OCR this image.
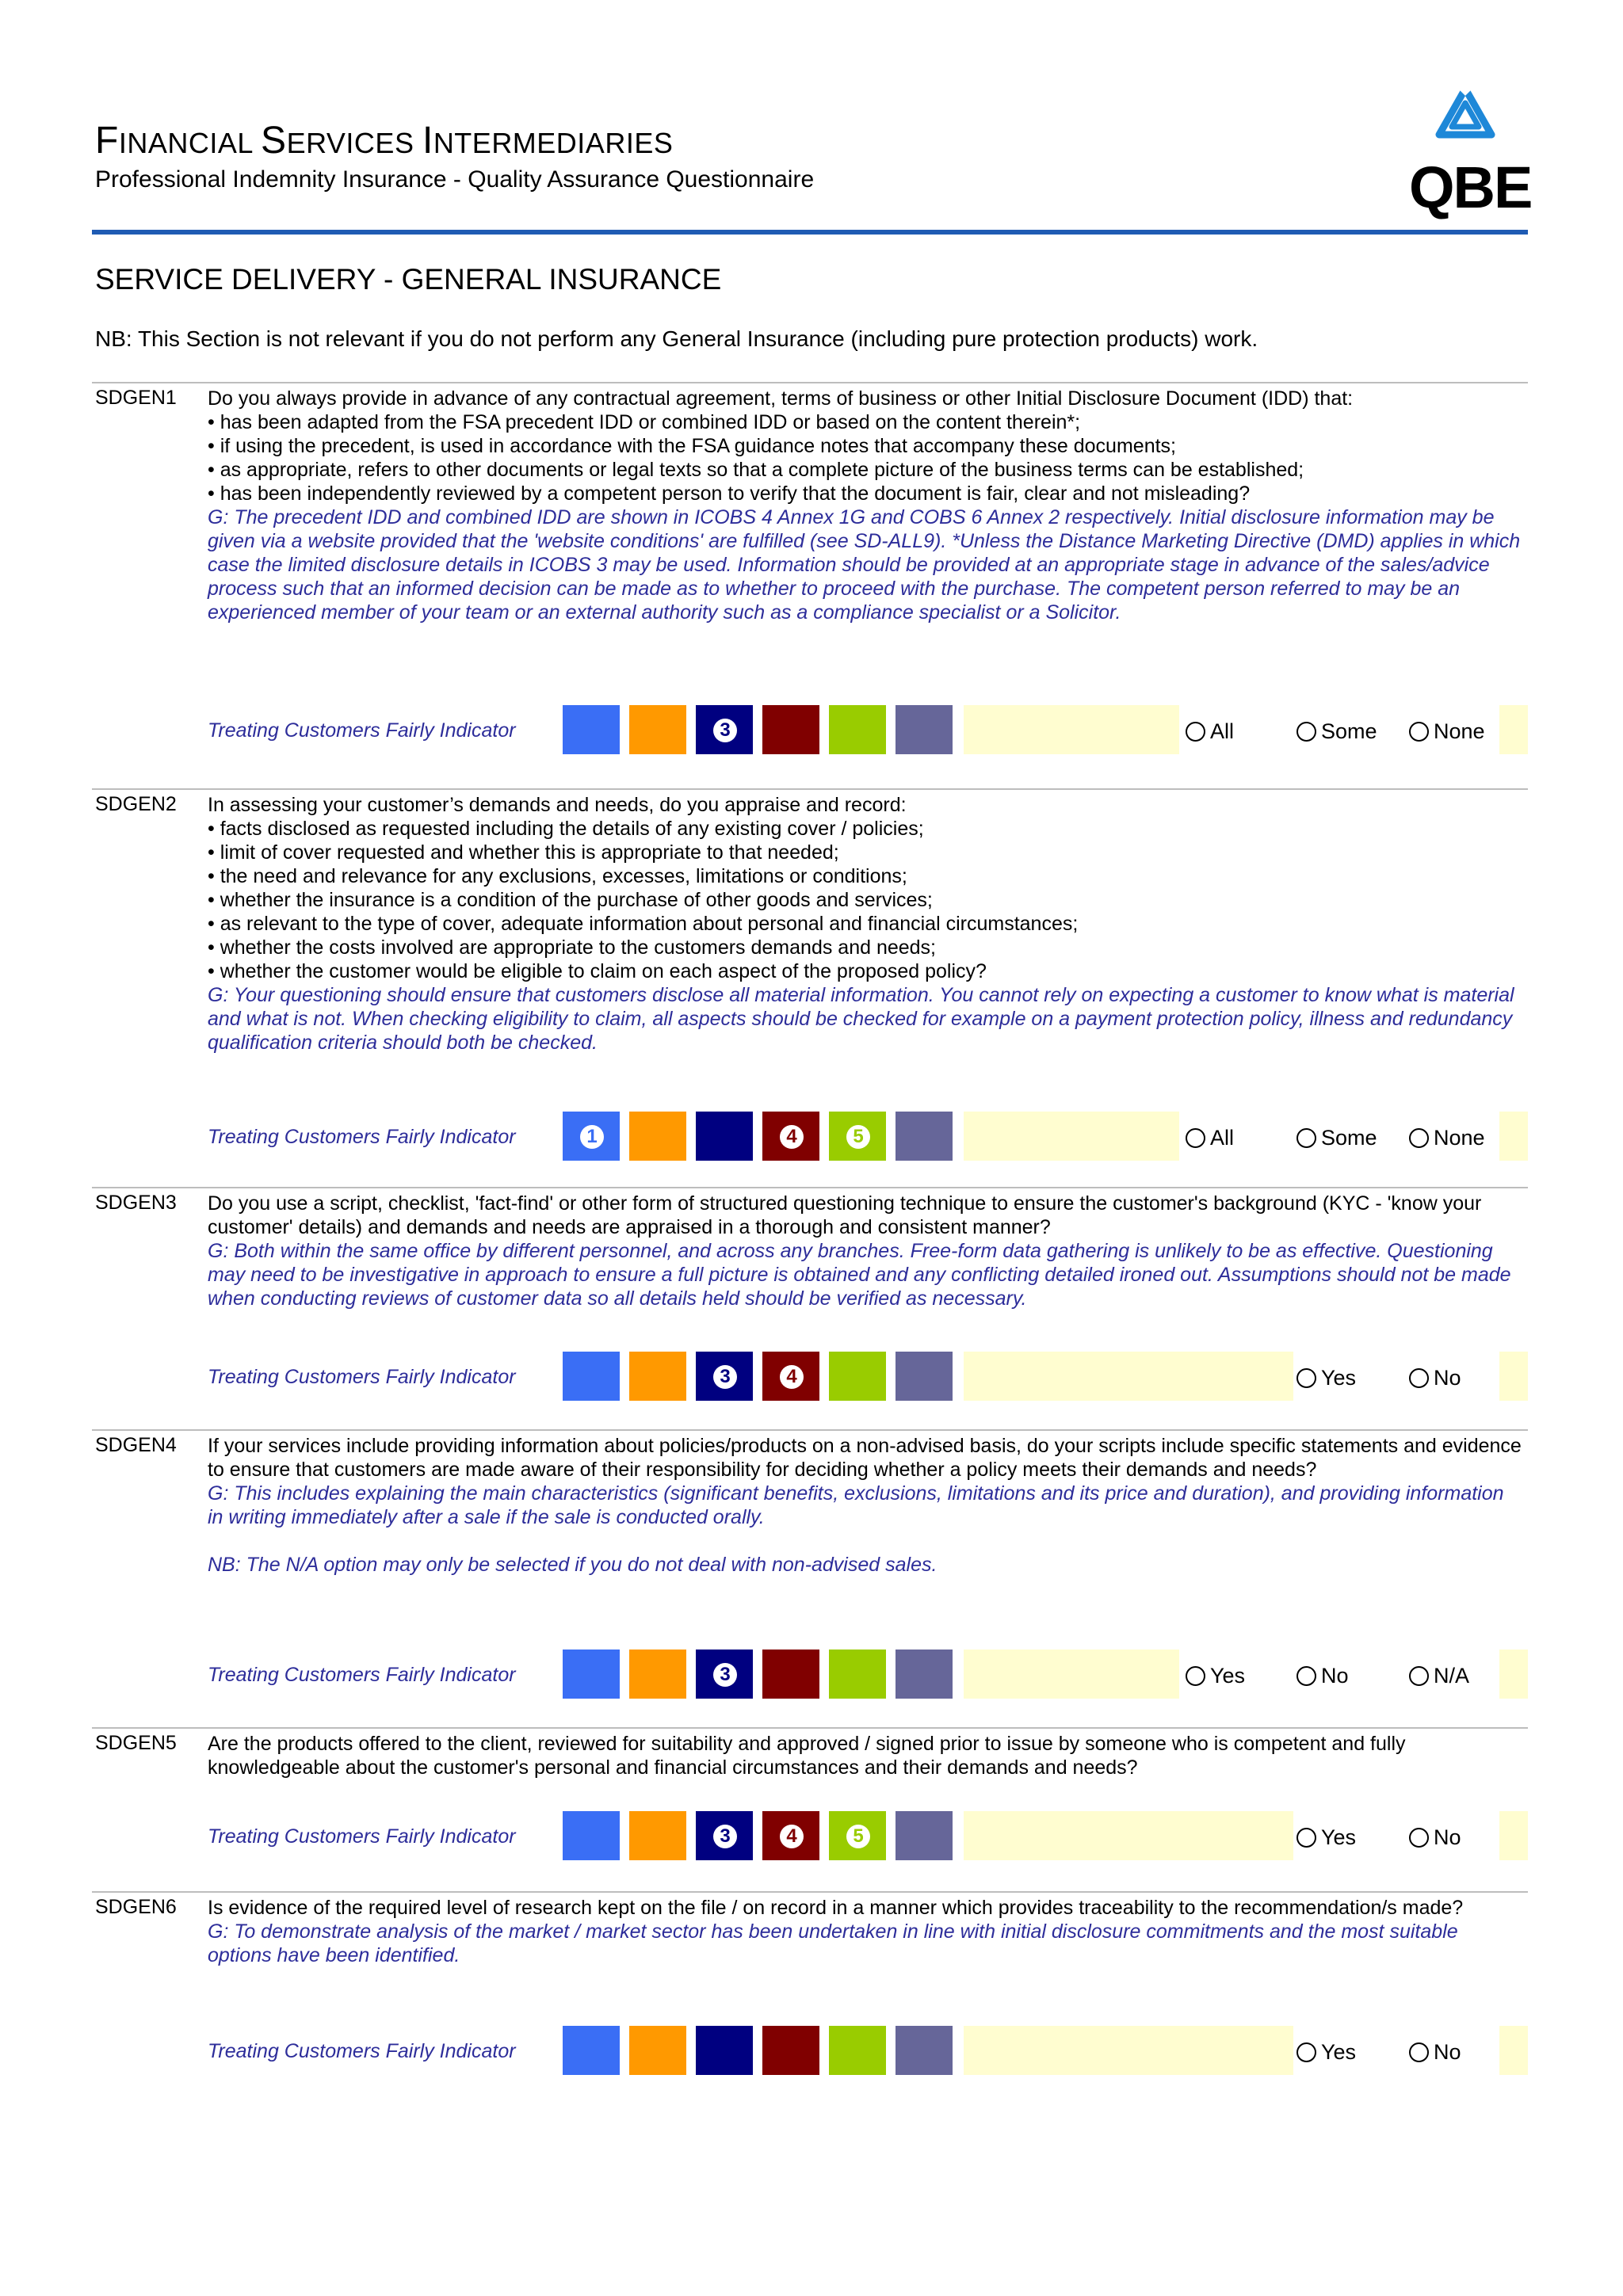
FINANCIAL SERVICES INTERMEDIARIES
Professional Indemnity Insurance - Quality Assurance Questionnaire	QBE
SERVICE DELIVERY - GENERAL INSURANCE
NB: This Section is not relevant if you do not perform any General Insurance (including pure protection products) work.
SDGEN1 Do you always provide in advance of any contractual agreement, terms of business or other Initial Disclosure Document (IDD) that:
• has been adapted from the FSA precedent IDD or combined IDD or based on the content therein*;
• if using the precedent, is used in accordance with the FSA guidance notes that accompany these documents;
• as appropriate, refers to other documents or legal texts so that a complete picture of the business terms can be established;
• has been independently reviewed by a competent person to verify that the document is fair, clear and not misleading?
G: The precedent IDD and combined IDD are shown in ICOBS 4 Annex 1G and COBS 6 Annex 2 respectively. Initial disclosure information may be given via a website provided that the 'website conditions' are fulfilled (see SD-ALL9). *Unless the Distance Marketing Directive (DMD) applies in which case the limited disclosure details in ICOBS 3 may be used. Information should be provided at an appropriate stage in advance of the sales/advice process such that an informed decision can be made as to whether to proceed with the purchase. The competent person referred to may be an experienced member of your team or an external authority such as a compliance specialist or a Solicitor.
Treating Customers Fairly Indicator	3	All	Some	None
SDGEN2 In assessing your customer’s demands and needs, do you appraise and record:
• facts disclosed as requested including the details of any existing cover / policies;
• limit of cover requested and whether this is appropriate to that needed;
• the need and relevance for any exclusions, excesses, limitations or conditions;
• whether the insurance is a condition of the purchase of other goods and services;
• as relevant to the type of cover, adequate information about personal and financial circumstances;
• whether the costs involved are appropriate to the customers demands and needs;
• whether the customer would be eligible to claim on each aspect of the proposed policy?
G: Your questioning should ensure that customers disclose all material information. You cannot rely on expecting a customer to know what is material and what is not. When checking eligibility to claim, all aspects should be checked for example on a payment protection policy, illness and redundancy qualification criteria should both be checked.
Treating Customers Fairly Indicator	1	4	5	All	Some	None
SDGEN3 Do you use a script, checklist, 'fact-find' or other form of structured questioning technique to ensure the customer's background (KYC - 'know your customer' details) and demands and needs are appraised in a thorough and consistent manner?
G: Both within the same office by different personnel, and across any branches. Free-form data gathering is unlikely to be as effective. Questioning may need to be investigative in approach to ensure a full picture is obtained and any conflicting detailed ironed out. Assumptions should not be made when conducting reviews of customer data so all details held should be verified as necessary.
Treating Customers Fairly Indicator	3	4	Yes	No
SDGEN4 If your services include providing information about policies/products on a non-advised basis, do your scripts include specific statements and evidence to ensure that customers are made aware of their responsibility for deciding whether a policy meets their demands and needs?
G: This includes explaining the main characteristics (significant benefits, exclusions, limitations and its price and duration), and providing information in writing immediately after a sale if the sale is conducted orally.

NB: The N/A option may only be selected if you do not deal with non-advised sales.
Treating Customers Fairly Indicator	3	Yes	No	N/A
SDGEN5 Are the products offered to the client, reviewed for suitability and approved / signed prior to issue by someone who is competent and fully knowledgeable about the customer's personal and financial circumstances and their demands and needs?
Treating Customers Fairly Indicator	3	4	5	Yes	No
SDGEN6 Is evidence of the required level of research kept on the file / on record in a manner which provides traceability to the recommendation/s made?
G: To demonstrate analysis of the market / market sector has been undertaken in line with initial disclosure commitments and the most suitable options have been identified.
Treating Customers Fairly Indicator	Yes	No
